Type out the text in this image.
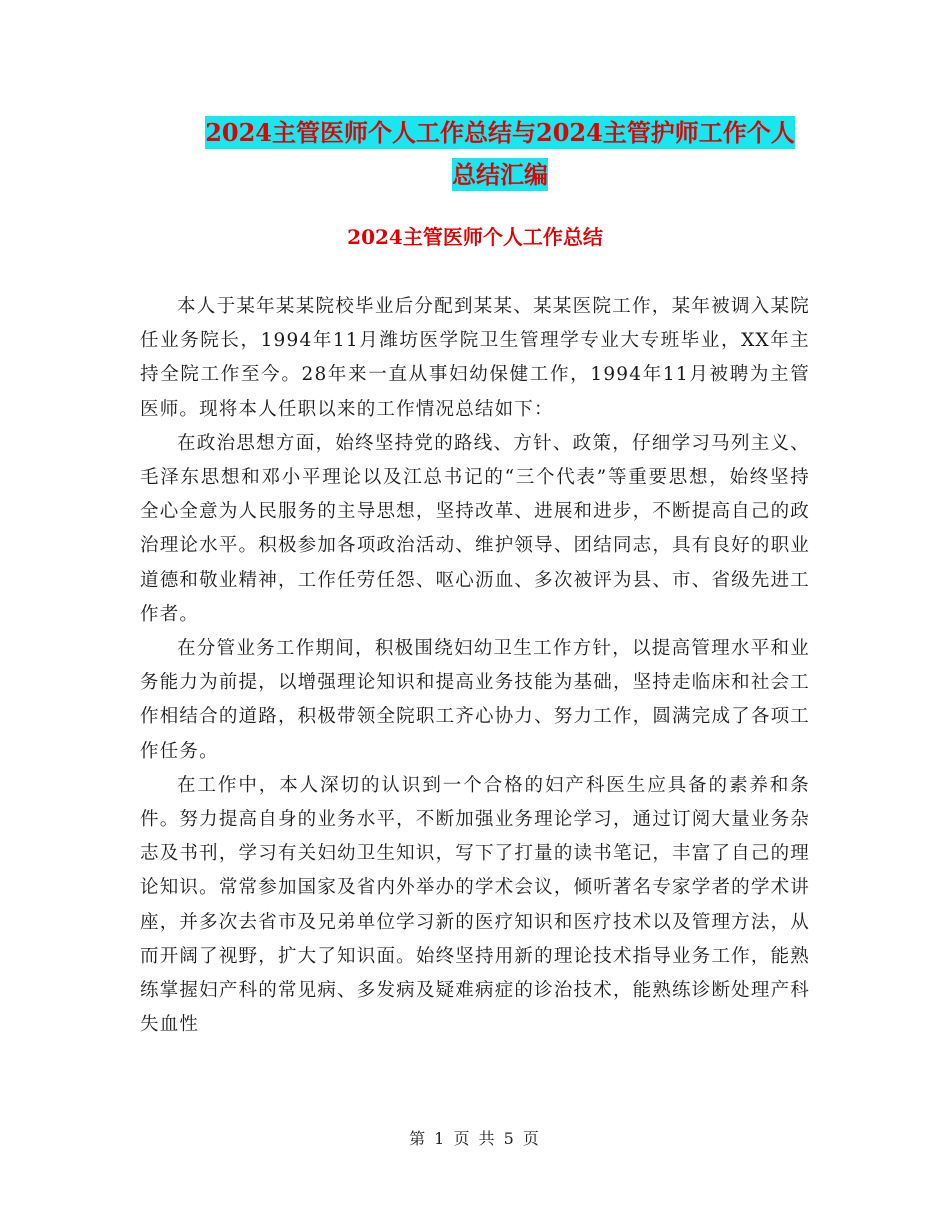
2024主管医师个人工作总结与2024主管护师工作个人
总结汇编
2024主管医师个人工作总结

本人于某年某某院校毕业后分配到某某、某某医院工作，某年被调入某院任业务院长，1994年11月潍坊医学院卫生管理学专业大专班毕业，XX年主持全院工作至今。28年来一直从事妇幼保健工作，1994年11月被聘为主管医师。现将本人任职以来的工作情况总结如下：

在政治思想方面，始终坚持党的路线、方针、政策，仔细学习马列主义、毛泽东思想和邓小平理论以及江总书记的“三个代表”等重要思想，始终坚持全心全意为人民服务的主导思想，坚持改革、进展和进步，不断提高自己的政治理论水平。积极参加各项政治活动、维护领导、团结同志，具有良好的职业道德和敬业精神，工作任劳任怨、呕心沥血、多次被评为县、市、省级先进工作者。

在分管业务工作期间，积极围绕妇幼卫生工作方针，以提高管理水平和业务能力为前提，以增强理论知识和提高业务技能为基础，坚持走临床和社会工作相结合的道路，积极带领全院职工齐心协力、努力工作，圆满完成了各项工作任务。

在工作中，本人深切的认识到一个合格的妇产科医生应具备的素养和条件。努力提高自身的业务水平，不断加强业务理论学习，通过订阅大量业务杂志及书刊，学习有关妇幼卫生知识，写下了打量的读书笔记，丰富了自己的理论知识。常常参加国家及省内外举办的学术会议，倾听著名专家学者的学术讲座，并多次去省市及兄弟单位学习新的医疗知识和医疗技术以及管理方法，从而开阔了视野，扩大了知识面。始终坚持用新的理论技术指导业务工作，能熟练掌握妇产科的常见病、多发病及疑难病症的诊治技术，能熟练诊断处理产科失血性

第 1 页 共 5 页
